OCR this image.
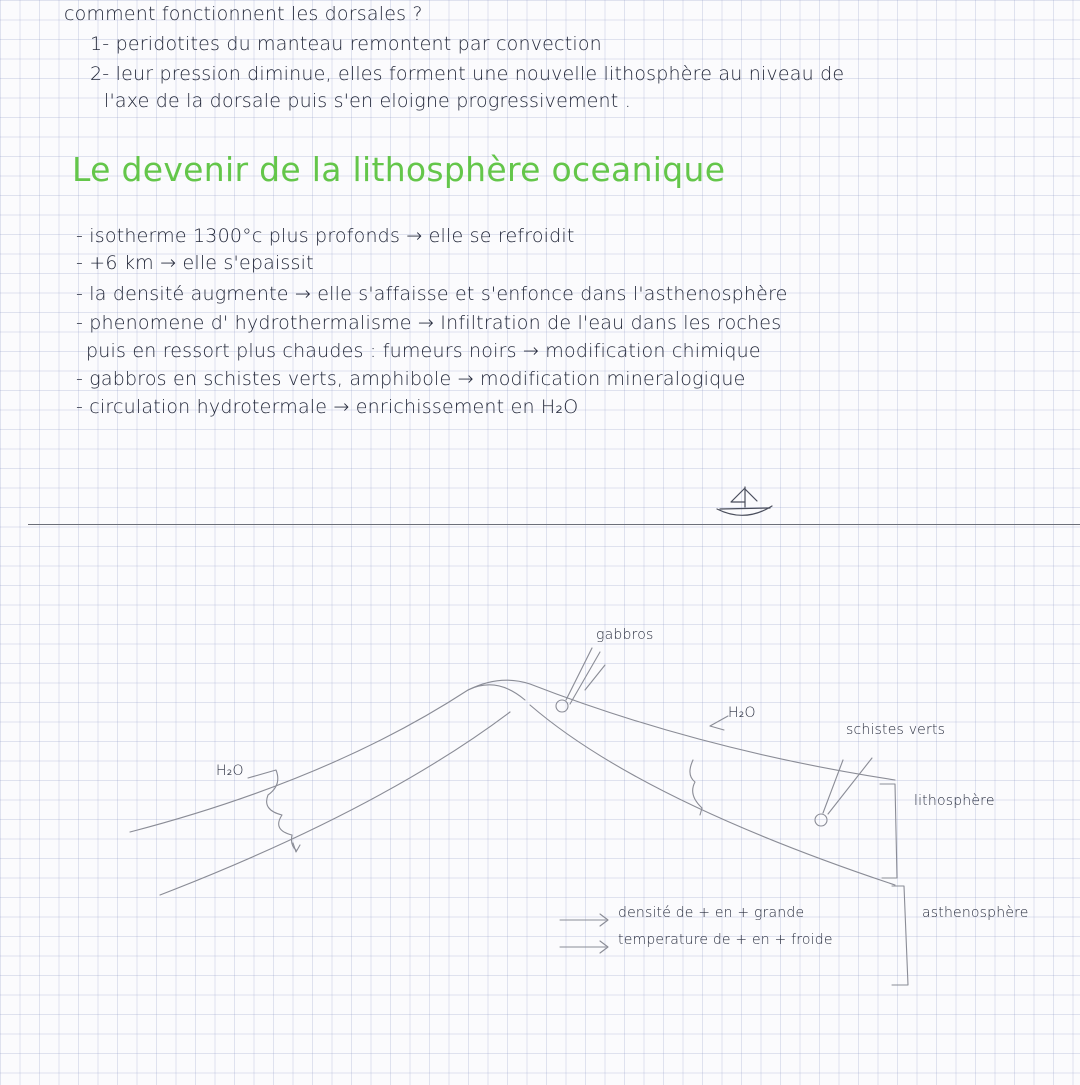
comment fonctionnent les dorsales ?
1- peridotites du manteau remontent par convection
2- leur pression diminue, elles forment une nouvelle lithosphère au niveau de
l'axe de la dorsale puis s'en eloigne progressivement .
Le devenir de la lithosphère oceanique
- isotherme 1300°c plus profonds → elle se refroidit
- +6 km → elle s'epaissit
- la densité augmente → elle s'affaisse et s'enfonce dans l'asthenosphère
- phenomene d' hydrothermalisme → Infiltration de l'eau dans les roches
puis en ressort plus chaudes : fumeurs noirs → modification chimique
- gabbros en schistes verts, amphibole → modification mineralogique
- circulation hydrotermale → enrichissement en H₂O
gabbros
H₂O
H₂O
schistes verts
lithosphère
asthenosphère
densité de + en + grande
temperature de + en + froide
